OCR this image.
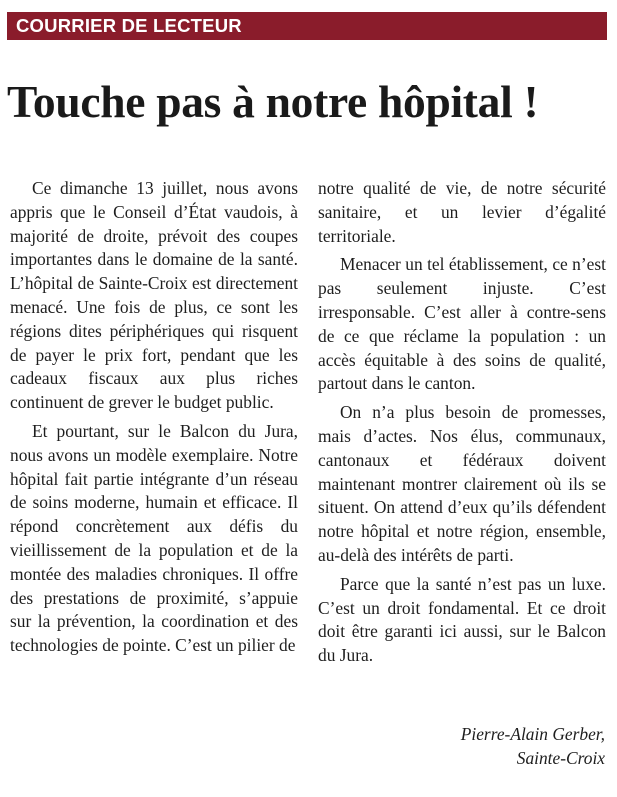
COURRIER DE LECTEUR
Touche pas à notre hôpital !

Ce dimanche 13 juillet, nous avons appris que le Conseil d’État vaudois, à majorité de droite, prévoit des coupes importantes dans le domaine de la santé. L’hôpital de Sainte-Croix est directement menacé. Une fois de plus, ce sont les régions dites périphériques qui risquent de payer le prix fort, pendant que les cadeaux fiscaux aux plus riches continuent de grever le budget public.

Et pourtant, sur le Balcon du Jura, nous avons un modèle exemplaire. Notre hôpital fait partie intégrante d’un réseau de soins moderne, humain et efficace. Il répond concrètement aux défis du vieillissement de la population et de la montée des maladies chroniques. Il offre des prestations de proximité, s’appuie sur la prévention, la coordination et des technologies de pointe. C’est un pilier de

notre qualité de vie, de notre sécurité sanitaire, et un levier d’égalité territoriale.

Menacer un tel établissement, ce n’est pas seulement injuste. C’est irresponsable. C’est aller à contre-sens de ce que réclame la population : un accès équitable à des soins de qualité, partout dans le canton.

On n’a plus besoin de promesses, mais d’actes. Nos élus, communaux, cantonaux et fédéraux doivent maintenant montrer clairement où ils se situent. On attend d’eux qu’ils défendent notre hôpital et notre région, ensemble, au-delà des intérêts de parti.

Parce que la santé n’est pas un luxe. C’est un droit fondamental. Et ce droit doit être garanti ici aussi, sur le Balcon du Jura.

Pierre-Alain Gerber,
Sainte-Croix
